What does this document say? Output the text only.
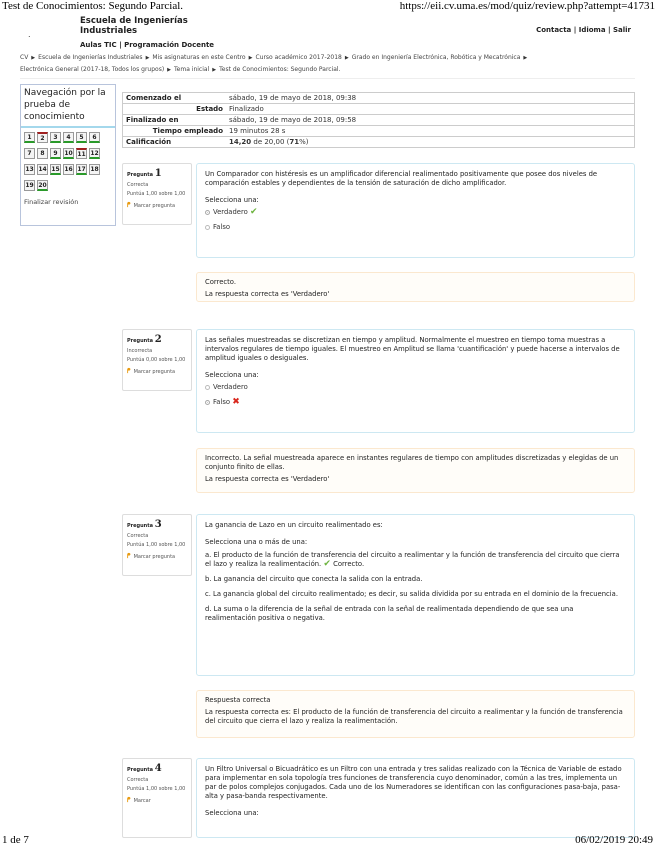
Test de Conocimientos: Segundo Parcial.	https://eii.cv.uma.es/mod/quiz/review.php?attempt=41731
.
Escuela de Ingenierías Industriales
Aulas TIC | Programación Docente
Contacta | Idioma | Salir
CV ▶ Escuela de Ingenierías Industriales ▶ Mis asignaturas en este Centro ▶ Curso académico 2017-2018 ▶ Grado en Ingeniería Electrónica, Robótica y Mecatrónica ▶
Electrónica General (2017-18, Todos los grupos) ▶ Tema inicial ▶ Test de Conocimientos: Segundo Parcial.
Navegación por la prueba de conocimiento
1	2	3	4	5	6
7	8	9	10 11 12
13 14 15 16 17 18
19 20
Finalizar revisión
Comenzado el	sábado, 19 de mayo de 2018, 09:38
Estado	Finalizado
Finalizado en	sábado, 19 de mayo de 2018, 09:58
Tiempo empleado	19 minutos 28 s
Calificación	14,20 de 20,00 (71%)
Pregunta 1
Correcta
Puntúa 1,00 sobre 1,00
ᖰ Marcar pregunta
Un Comparador con histéresis es un amplificador diferencial realimentado positivamente que posee dos niveles de comparación estables y dependientes de la tensión de saturación de dicho amplificador.
Selecciona una:
Verdadero ✔
Falso
Correcto.
La respuesta correcta es 'Verdadero'
Pregunta 2
Incorrecta
Puntúa 0,00 sobre 1,00
ᖰ Marcar pregunta
Las señales muestreadas se discretizan en tiempo y amplitud. Normalmente el muestreo en tiempo toma muestras a intervalos regulares de tiempo iguales. El muestreo en Amplitud se llama 'cuantificación' y puede hacerse a intervalos de amplitud iguales o desiguales.
Selecciona una:
Verdadero
Falso ✖
Incorrecto. La señal muestreada aparece en instantes regulares de tiempo con amplitudes discretizadas y elegidas de un conjunto finito de ellas.
La respuesta correcta es 'Verdadero'
Pregunta 3
Correcta
Puntúa 1,00 sobre 1,00
ᖰ Marcar pregunta
La ganancia de Lazo en un circuito realimentado es:
Selecciona una o más de una:
a. El producto de la función de transferencia del circuito a realimentar y la función de transferencia del circuito que cierra el lazo y realiza la realimentación. ✔ Correcto.
b. La ganancia del circuito que conecta la salida con la entrada.
c. La ganancia global del circuito realimentado; es decir, su salida dividida por su entrada en el dominio de la frecuencia.
d. La suma o la diferencia de la señal de entrada con la señal de realimentada dependiendo de que sea una realimentación positiva o negativa.
Respuesta correcta
La respuesta correcta es: El producto de la función de transferencia del circuito a realimentar y la función de transferencia del circuito que cierra el lazo y realiza la realimentación.
Pregunta 4
Correcta
Puntúa 1,00 sobre 1,00
ᖰ Marcar
Un Filtro Universal o Bicuadrático es un Filtro con una entrada y tres salidas realizado con la Técnica de Variable de estado para implementar en sola topología tres funciones de transferencia cuyo denominador, común a las tres, implementa un par de polos complejos conjugados. Cada uno de los Numeradores se identifican con las configuraciones pasa-baja, pasa-alta y pasa-banda respectivamente.
Selecciona una:
1 de 7	06/02/2019 20:49
